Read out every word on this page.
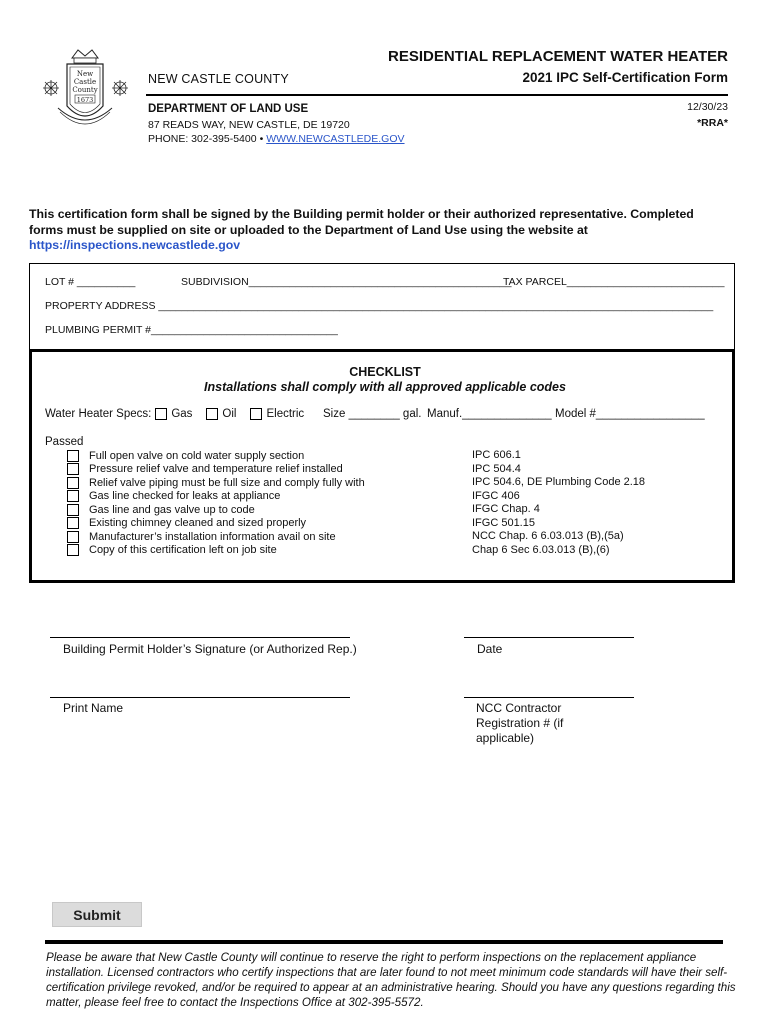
New
Castle
County
1673
NEW CASTLE COUNTY
RESIDENTIAL REPLACEMENT WATER HEATER
2021 IPC Self-Certification Form
DEPARTMENT OF LAND USE
87 READS WAY, NEW CASTLE, DE 19720
PHONE: 302-395-5400 • WWW.NEWCASTLEDE.GOV
12/30/23
*RRA*
This certification form shall be signed by the Building permit holder or their authorized representative. Completed forms must be supplied on site or uploaded to the Department of Land Use using the website at https://inspections.newcastlede.gov
LOT # __________	SUBDIVISION_____________________________________________
TAX PARCEL___________________________
PROPERTY ADDRESS _______________________________________________________________________________________________
PLUMBING PERMIT #________________________________
CHECKLIST
Installations shall comply with all approved applicable codes
Water Heater Specs: Gas	Oil	Electric Size ________ gal. Manuf.______________ Model #_________________
Passed
Full open valve on cold water supply section	IPC 606.1
Pressure relief valve and temperature relief installed	IPC 504.4
Relief valve piping must be full size and comply fully with	IPC 504.6, DE Plumbing Code 2.18
Gas line checked for leaks at appliance	IFGC 406
Gas line and gas valve up to code	IFGC Chap. 4
Existing chimney cleaned and sized properly	IFGC 501.15
Manufacturer’s installation information avail on site	NCC Chap. 6 6.03.013 (B),(5a)
Copy of this certification left on job site	Chap 6 Sec 6.03.013 (B),(6)
Building Permit Holder’s Signature (or Authorized Rep.)	Date
Print Name	NCC Contractor
Registration # (if
applicable)
Submit
Please be aware that New Castle County will continue to reserve the right to perform inspections on the replacement appliance installation. Licensed contractors who certify inspections that are later found to not meet minimum code standards will have their self-certification privilege revoked, and/or be required to appear at an administrative hearing. Should you have any questions regarding this matter, please feel free to contact the Inspections Office at 302-395-5572.
